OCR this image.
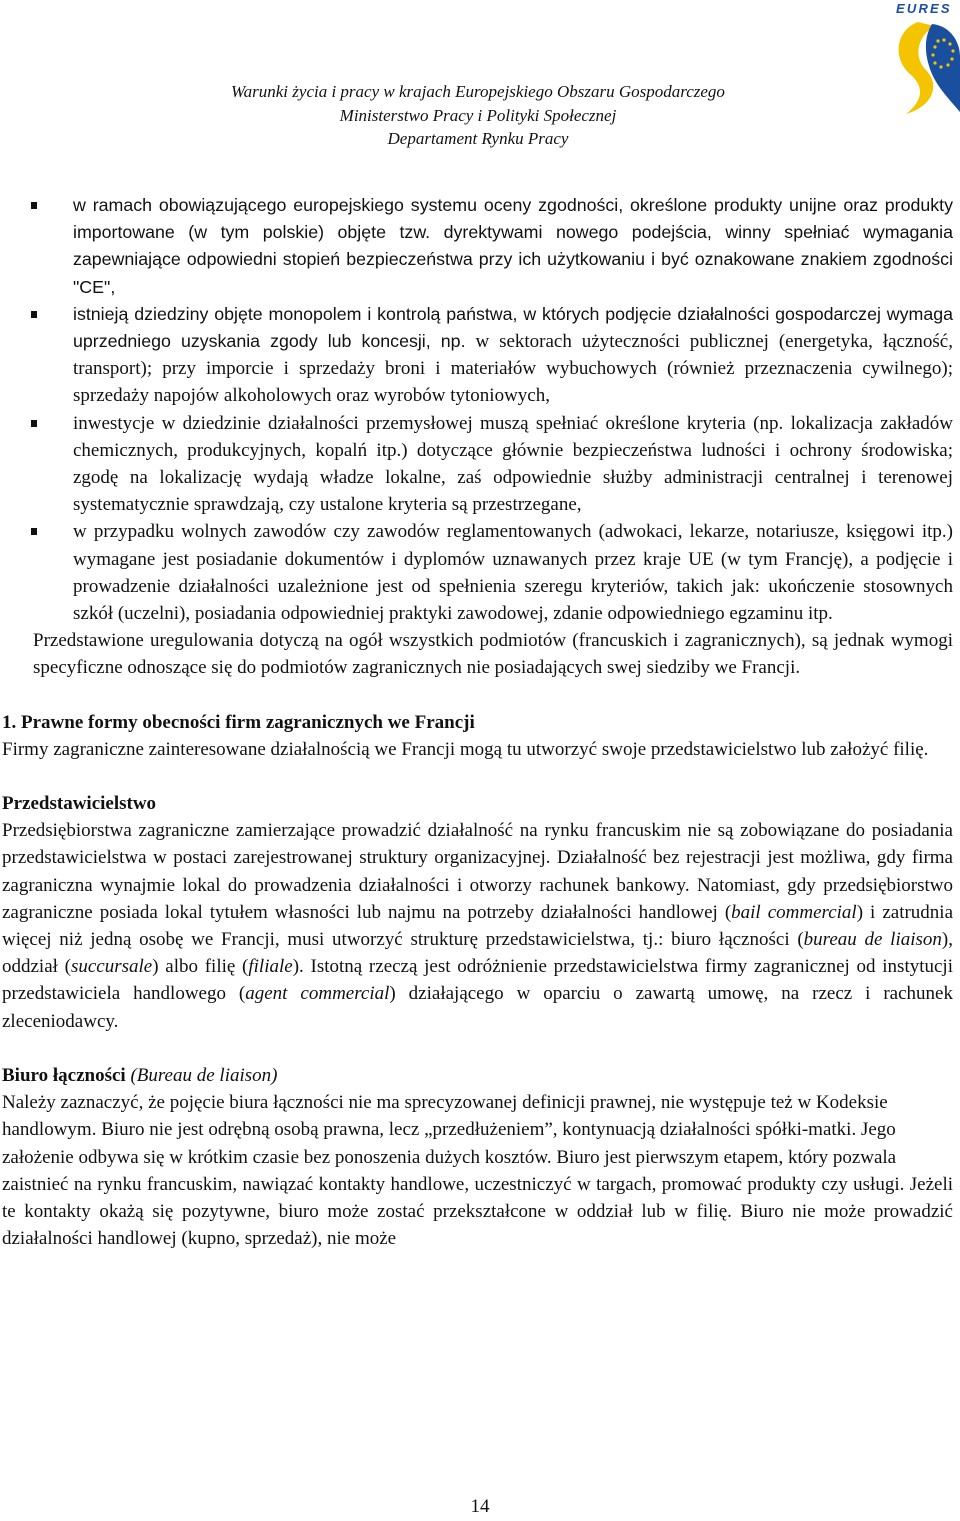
Warunki życia i pracy w krajach Europejskiego Obszaru Gospodarczego
Ministerstwo Pracy i Polityki Społecznej
Departament Rynku Pracy
EURES
w ramach obowiązującego europejskiego systemu oceny zgodności, określone produkty unijne oraz produkty importowane (w tym polskie) objęte tzw. dyrektywami nowego podejścia, winny spełniać wymagania zapewniające odpowiedni stopień bezpieczeństwa przy ich użytkowaniu i być oznakowane znakiem zgodności "CE",
istnieją dziedziny objęte monopolem i kontrolą państwa, w których podjęcie działalności gospodarczej wymaga uprzedniego uzyskania zgody lub koncesji, np. w sektorach użyteczności publicznej (energetyka, łączność, transport); przy imporcie i sprzedaży broni i materiałów wybuchowych (również przeznaczenia cywilnego); sprzedaży napojów alkoholowych oraz wyrobów tytoniowych,
inwestycje w dziedzinie działalności przemysłowej muszą spełniać określone kryteria (np. lokalizacja zakładów chemicznych, produkcyjnych, kopalń itp.) dotyczące głównie bezpieczeństwa ludności i ochrony środowiska; zgodę na lokalizację wydają władze lokalne, zaś odpowiednie służby administracji centralnej i terenowej systematycznie sprawdzają, czy ustalone kryteria są przestrzegane,
w przypadku wolnych zawodów czy zawodów reglamentowanych (adwokaci, lekarze, notariusze, księgowi itp.) wymagane jest posiadanie dokumentów i dyplomów uznawanych przez kraje UE (w tym Francję), a podjęcie i prowadzenie działalności uzależnione jest od spełnienia szeregu kryteriów, takich jak: ukończenie stosownych szkół (uczelni), posiadania odpowiedniej praktyki zawodowej, zdanie odpowiedniego egzaminu itp.

Przedstawione uregulowania dotyczą na ogół wszystkich podmiotów (francuskich i zagranicznych), są jednak wymogi specyficzne odnoszące się do podmiotów zagranicznych nie posiadających swej siedziby we Francji.

1. Prawne formy obecności firm zagranicznych we Francji

Firmy zagraniczne zainteresowane działalnością we Francji mogą tu utworzyć swoje przedstawicielstwo lub założyć filię.

Przedstawicielstwo

Przedsiębiorstwa zagraniczne zamierzające prowadzić działalność na rynku francuskim nie są zobowiązane do posiadania przedstawicielstwa w postaci zarejestrowanej struktury organizacyjnej. Działalność bez rejestracji jest możliwa, gdy firma zagraniczna wynajmie lokal do prowadzenia działalności i otworzy rachunek bankowy. Natomiast, gdy przedsiębiorstwo zagraniczne posiada lokal tytułem własności lub najmu na potrzeby działalności handlowej (bail commercial) i zatrudnia więcej niż jedną osobę we Francji, musi utworzyć strukturę przedstawicielstwa, tj.: biuro łączności (bureau de liaison), oddział (succursale) albo filię (filiale). Istotną rzeczą jest odróżnienie przedstawicielstwa firmy zagranicznej od instytucji przedstawiciela handlowego (agent commercial) działającego w oparciu o zawartą umowę, na rzecz i rachunek zleceniodawcy.

Biuro łączności (Bureau de liaison)

Należy zaznaczyć, że pojęcie biura łączności nie ma sprecyzowanej definicji prawnej, nie występuje też w Kodeksie handlowym. Biuro nie jest odrębną osobą prawna, lecz „przedłużeniem”, kontynuacją działalności spółki-matki. Jego założenie odbywa się w krótkim czasie bez ponoszenia dużych kosztów. Biuro jest pierwszym etapem, który pozwala

zaistnieć na rynku francuskim, nawiązać kontakty handlowe, uczestniczyć w targach, promować produkty czy usługi. Jeżeli te kontakty okażą się pozytywne, biuro może zostać przekształcone w oddział lub w filię. Biuro nie może prowadzić działalności handlowej (kupno, sprzedaż), nie może

14
